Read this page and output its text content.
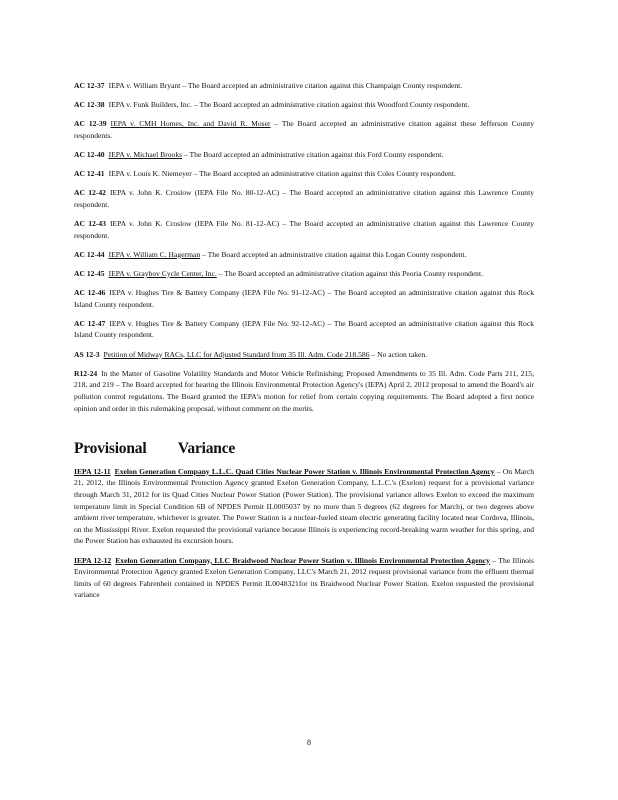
AC 12-37 IEPA v. William Bryant – The Board accepted an administrative citation against this Champaign County respondent.

AC 12-38 IEPA v. Funk Builders, Inc. – The Board accepted an administrative citation against this Woodford County respondent.

AC 12-39 IEPA v. CMH Homes, Inc. and David R. Moser – The Board accepted an administrative citation against these Jefferson County respondents.

AC 12-40 IEPA v. Michael Brooks – The Board accepted an administrative citation against this Ford County respondent.

AC 12-41 IEPA v. Louis K. Niemeyer – The Board accepted an administrative citation against this Coles County respondent.

AC 12-42 IEPA v. John K. Croslow (IEPA File No. 80-12-AC) – The Board accepted an administrative citation against this Lawrence County respondent.

AC 12-43 IEPA v. John K. Croslow (IEPA File No. 81-12-AC) – The Board accepted an administrative citation against this Lawrence County respondent.

AC 12-44 IEPA v. William C. Hagerman – The Board accepted an administrative citation against this Logan County respondent.

AC 12-45 IEPA v. Graybov Cycle Center, Inc. – The Board accepted an administrative citation against this Peoria County respondent.

AC 12-46 IEPA v. Hughes Tire & Battery Company (IEPA File No. 91-12-AC) – The Board accepted an administrative citation against this Rock Island County respondent.

AC 12-47 IEPA v. Hughes Tire & Battery Company (IEPA File No. 92-12-AC) – The Board accepted an administrative citation against this Rock Island County respondent.

AS 12-3 Petition of Midway RACs, LLC for Adjusted Standard from 35 Ill. Adm. Code 218.586 – No action taken.

R12-24 In the Matter of Gasoline Volatility Standards and Motor Vehicle Refinishing; Proposed Amendments to 35 Ill. Adm. Code Parts 211, 215, 218, and 219 – The Board accepted for hearing the Illinois Environmental Protection Agency's (IEPA) April 2, 2012 proposal to amend the Board's air pollution control regulations. The Board granted the IEPA's motion for relief from certain copying requirements. The Board adopted a first notice opinion and order in this rulemaking proposal, without comment on the merits.

Provisional Variance

IEPA 12-11 Exelon Generation Company L.L.C. Quad Cities Nuclear Power Station v. Illinois Environmental Protection Agency – On March 21, 2012, the Illinois Environmental Protection Agency granted Exelon Generation Company, L.L.C.'s (Exelon) request for a provisional variance through March 31, 2012 for its Quad Cities Nuclear Power Station (Power Station). The provisional variance allows Exelon to exceed the maximum temperature limit in Special Condition 6B of NPDES Permit IL0005037 by no more than 5 degrees (62 degrees for March), or two degrees above ambient river temperature, whichever is greater. The Power Station is a nuclear-fueled steam electric generating facility located near Cordova, Illinois, on the Mississippi River. Exelon requested the provisional variance because Illinois is experiencing record-breaking warm weather for this spring, and the Power Station has exhausted its excursion hours.

IEPA 12-12 Exelon Generation Company, LLC Braidwood Nuclear Power Station v. Illinois Environmental Protection Agency – The Illinois Environmental Protection Agency granted Exelon Generation Company, LLC's March 21, 2012 request provisional variance from the effluent thermal limits of 60 degrees Fahrenheit contained in NPDES Permit IL0048321for its Braidwood Nuclear Power Station. Exelon requested the provisional variance

8
